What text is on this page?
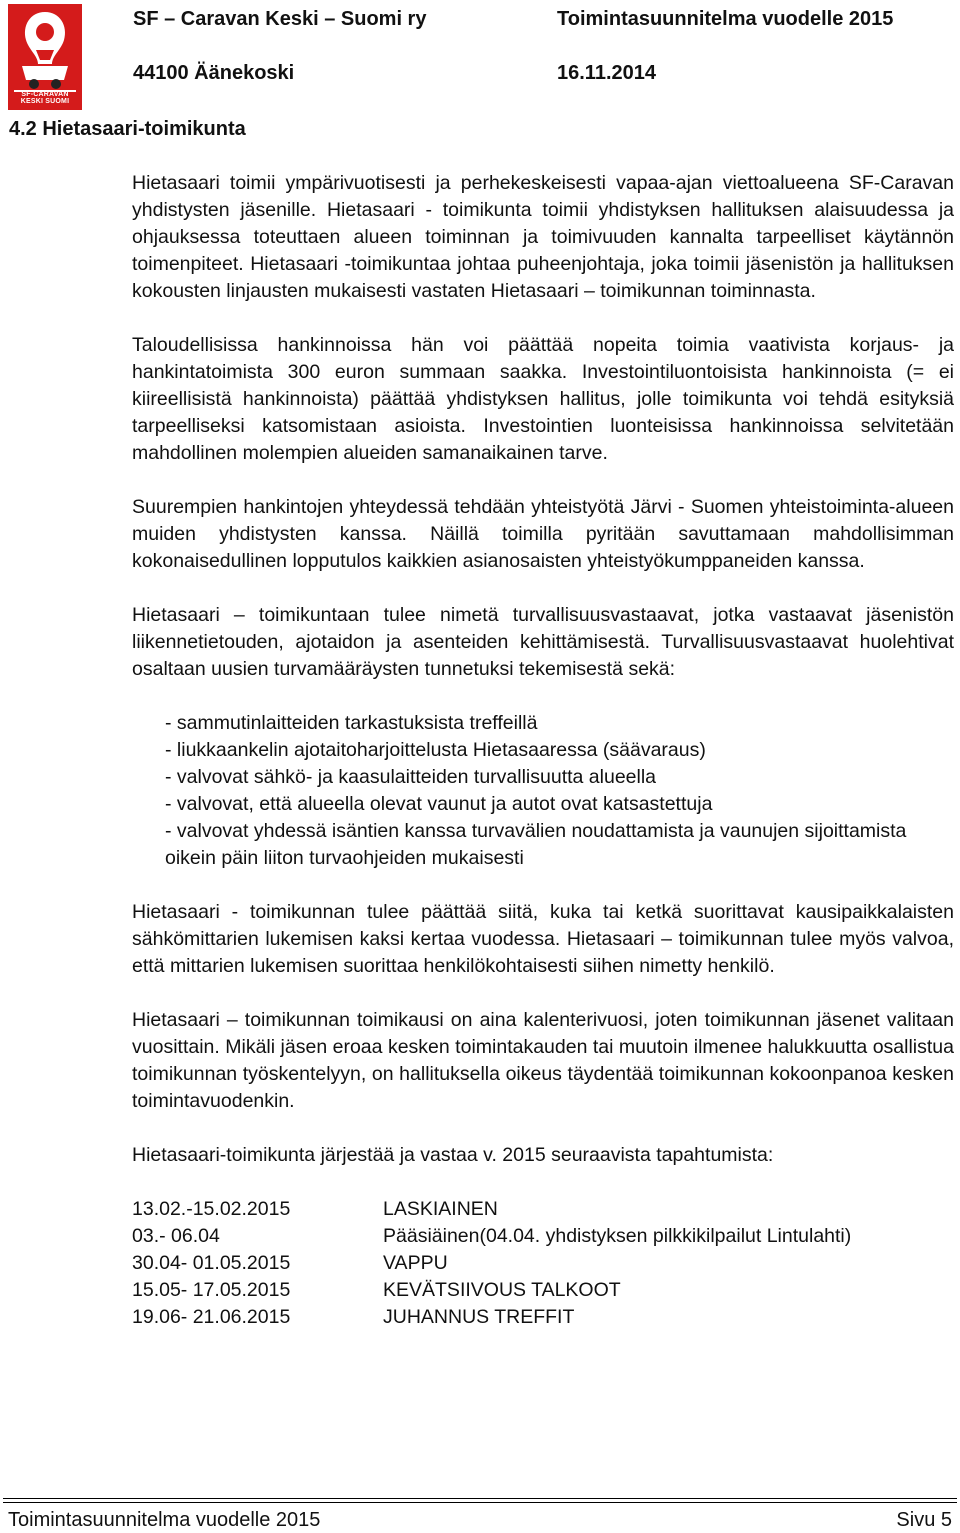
SF-CARAVAN KESKI SUOMI
SF – Caravan Keski – Suomi ry	Toimintasuunnitelma vuodelle 2015
44100 Äänekoski	16.11.2014
4.2 Hietasaari-toimikunta

Hietasaari toimii ympärivuotisesti ja perhekeskeisesti vapaa-ajan viettoalueena SF-Caravan yhdistysten jäsenille. Hietasaari - toimikunta toimii yhdistyksen hallituksen alaisuudessa ja ohjauksessa toteuttaen alueen toiminnan ja toimivuuden kannalta tarpeelliset käytännön toimenpiteet. Hietasaari -toimikuntaa johtaa puheenjohtaja, joka toimii jäsenistön ja hallituksen kokousten linjausten mukaisesti vastaten Hietasaari – toimikunnan toiminnasta.

Taloudellisissa hankinnoissa hän voi päättää nopeita toimia vaativista korjaus- ja hankintatoimista 300 euron summaan saakka. Investointiluontoisista hankinnoista (= ei kiireellisistä hankinnoista) päättää yhdistyksen hallitus, jolle toimikunta voi tehdä esityksiä tarpeelliseksi katsomistaan asioista. Investointien luonteisissa hankinnoissa selvitetään mahdollinen molempien alueiden samanaikainen tarve.

Suurempien hankintojen yhteydessä tehdään yhteistyötä Järvi - Suomen yhteistoiminta-alueen muiden yhdistysten kanssa. Näillä toimilla pyritään savuttamaan mahdollisimman kokonaisedullinen lopputulos kaikkien asianosaisten yhteistyökumppaneiden kanssa.

Hietasaari – toimikuntaan tulee nimetä turvallisuusvastaavat, jotka vastaavat jäsenistön liikennetietouden, ajotaidon ja asenteiden kehittämisestä. Turvallisuusvastaavat huolehtivat osaltaan uusien turvamääräysten tunnetuksi tekemisestä sekä:

- sammutinlaitteiden tarkastuksista treffeillä
- liukkaankelin ajotaitoharjoittelusta Hietasaaressa (säävaraus)
- valvovat sähkö- ja kaasulaitteiden turvallisuutta alueella
- valvovat, että alueella olevat vaunut ja autot ovat katsastettuja
- valvovat yhdessä isäntien kanssa turvavälien noudattamista ja vaunujen sijoittamista oikein päin liiton turvaohjeiden mukaisesti

Hietasaari - toimikunnan tulee päättää siitä, kuka tai ketkä suorittavat kausipaikkalaisten sähkömittarien lukemisen kaksi kertaa vuodessa. Hietasaari – toimikunnan tulee myös valvoa, että mittarien lukemisen suorittaa henkilökohtaisesti siihen nimetty henkilö.

Hietasaari – toimikunnan toimikausi on aina kalenterivuosi, joten toimikunnan jäsenet valitaan vuosittain. Mikäli jäsen eroaa kesken toimintakauden tai muutoin ilmenee halukkuutta osallistua toimikunnan työskentelyyn, on hallituksella oikeus täydentää toimikunnan kokoonpanoa kesken toimintavuodenkin.

Hietasaari-toimikunta järjestää ja vastaa v. 2015 seuraavista tapahtumista:

13.02.-15.02.2015	LASKIAINEN
03.- 06.04	Pääsiäinen(04.04. yhdistyksen pilkkikilpailut Lintulahti)
30.04- 01.05.2015	VAPPU
15.05- 17.05.2015	KEVÄTSIIVOUS TALKOOT
19.06- 21.06.2015	JUHANNUS TREFFIT
Toimintasuunnitelma vuodelle 2015	Sivu 5
